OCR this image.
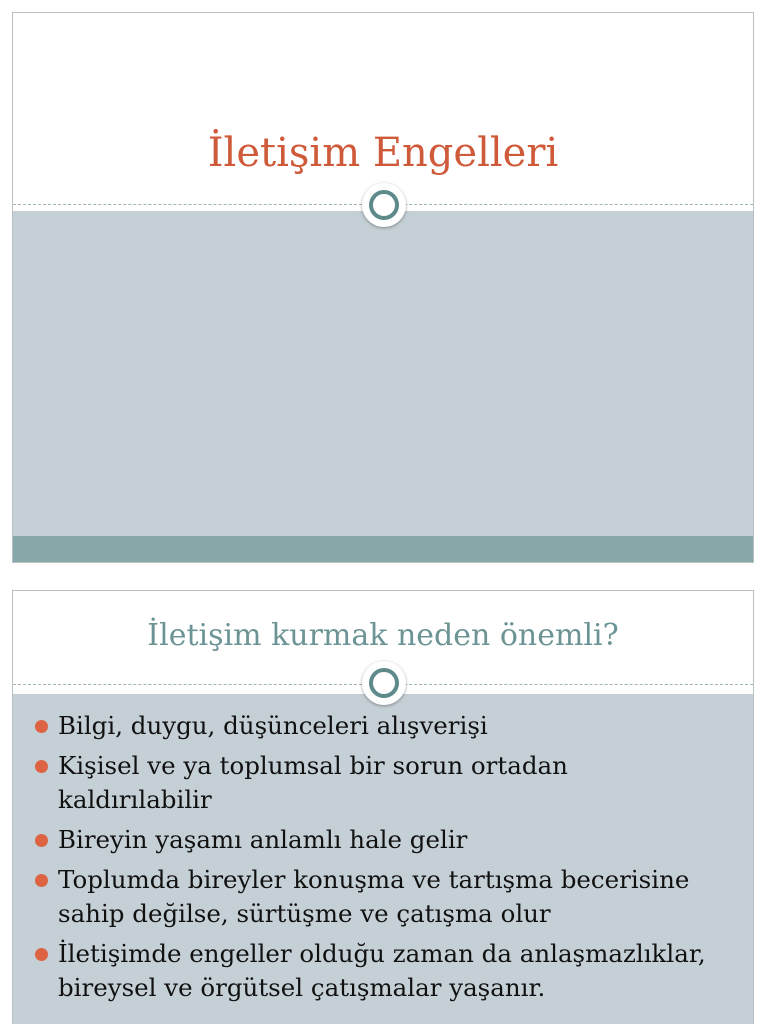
İletişim Engelleri
İletişim kurmak neden önemli?
Bilgi, duygu, düşünceleri alışverişi
Kişisel ve ya toplumsal bir sorun ortadan
kaldırılabilir
Bireyin yaşamı anlamlı hale gelir
Toplumda bireyler konuşma ve tartışma becerisine
sahip değilse, sürtüşme ve çatışma olur
İletişimde engeller olduğu zaman da anlaşmazlıklar,
bireysel ve örgütsel çatışmalar yaşanır.
